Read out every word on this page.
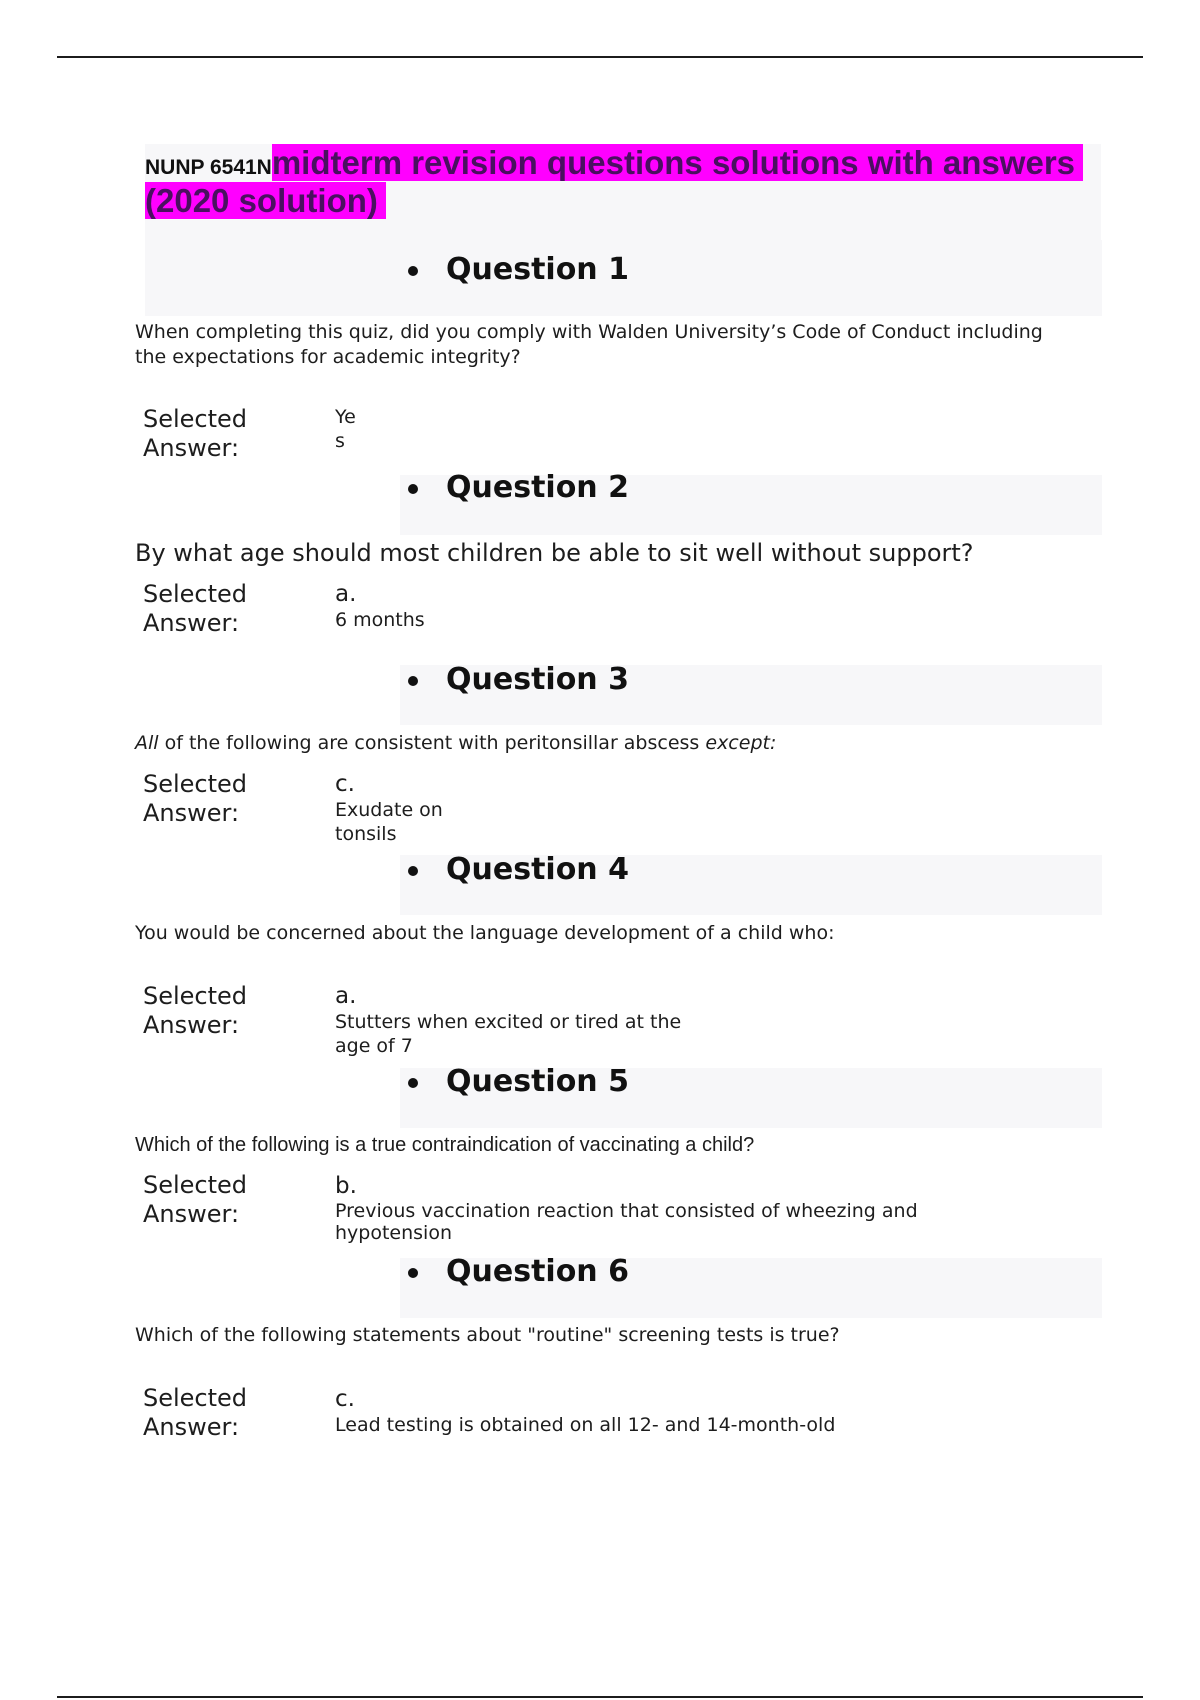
NUNP 6541Nmidterm revision questions solutions with answers (2020 solution)
Question 1
When completing this quiz, did you comply with Walden University’s Code of Conduct including the expectations for academic integrity?
Selected Answer:
Yes
Question 2
By what age should most children be able to sit well without support?
Selected Answer:
a.
6 months
Question 3
All of the following are consistent with peritonsillar abscess except:
Selected Answer:
c.
Exudate on tonsils
Question 4
You would be concerned about the language development of a child who:
Selected Answer:
a.
Stutters when excited or tired at the age of 7
Question 5
Which of the following is a true contraindication of vaccinating a child?
Selected Answer:
b.
Previous vaccination reaction that consisted of wheezing and hypotension
Question 6
Which of the following statements about "routine" screening tests is true?
Selected Answer:
c.
Lead testing is obtained on all 12- and 14-month-old
